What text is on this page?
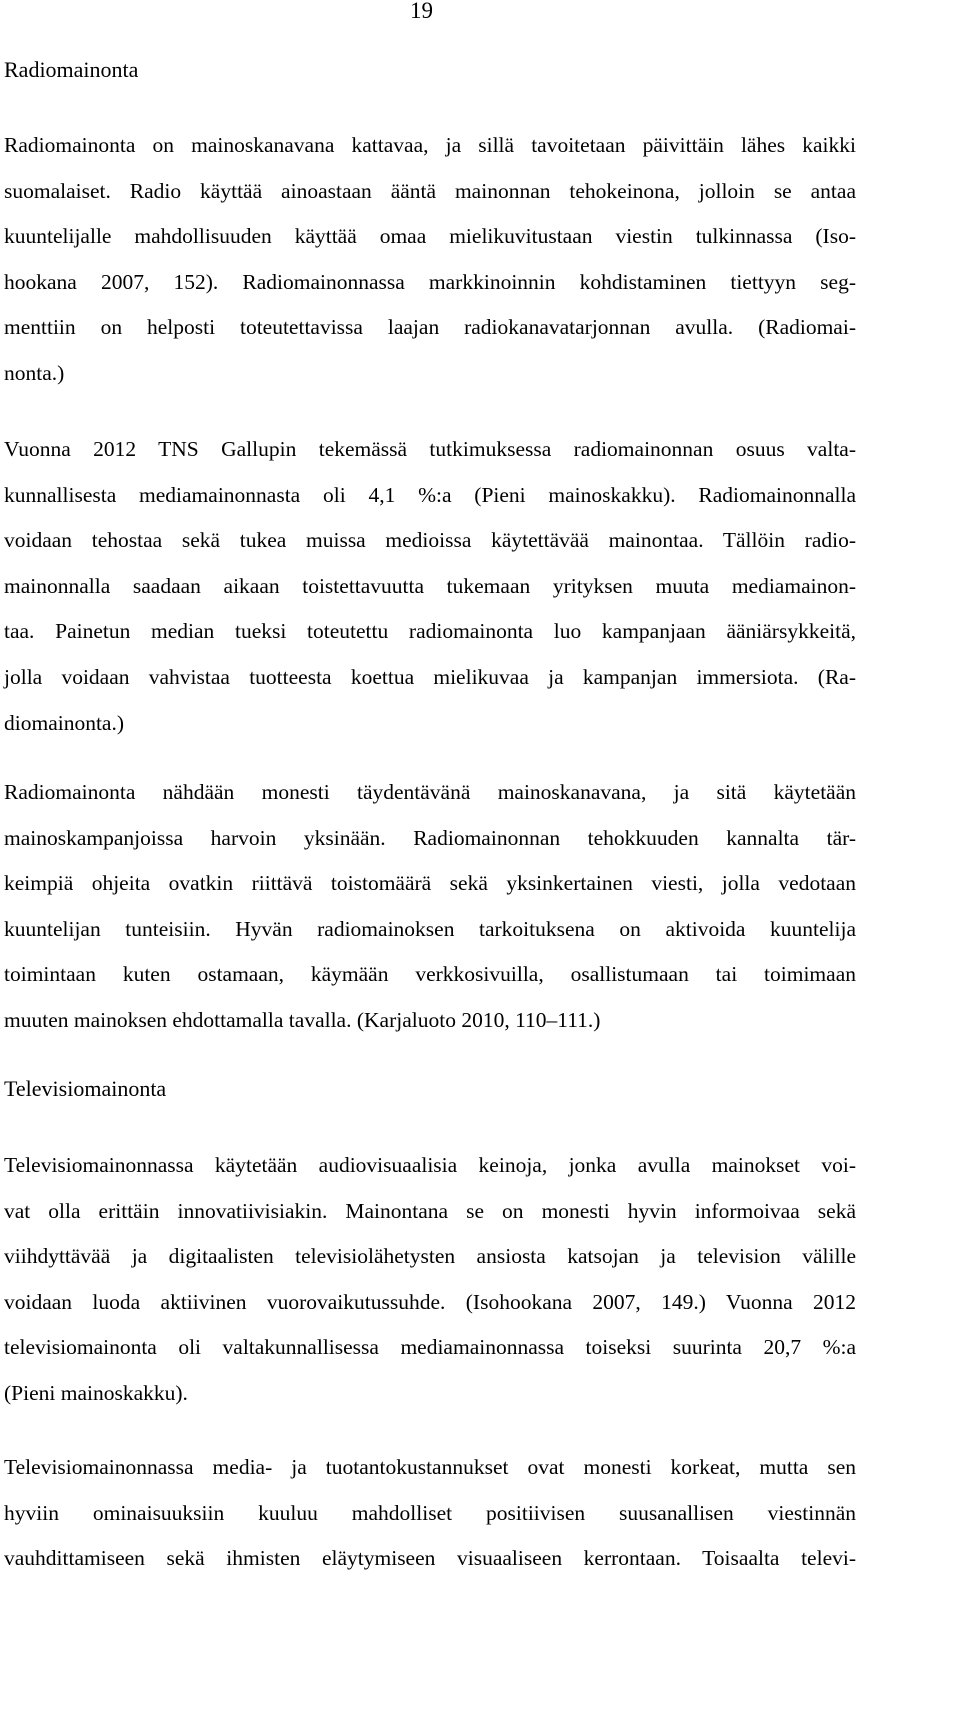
19
Radiomainonta
Radiomainonta on mainoskanavana kattavaa, ja sillä tavoitetaan päivittäin lähes kaikki
suomalaiset. Radio käyttää ainoastaan ääntä mainonnan tehokeinona, jolloin se antaa
kuuntelijalle mahdollisuuden käyttää omaa mielikuvitustaan viestin tulkinnassa (Iso-
hookana 2007, 152). Radiomainonnassa markkinoinnin kohdistaminen tiettyyn seg-
menttiin on helposti toteutettavissa laajan radiokanavatarjonnan avulla. (Radiomai-
nonta.)
Vuonna 2012 TNS Gallupin tekemässä tutkimuksessa radiomainonnan osuus valta-
kunnallisesta mediamainonnasta oli 4,1 %:a (Pieni mainoskakku). Radiomainonnalla
voidaan tehostaa sekä tukea muissa medioissa käytettävää mainontaa. Tällöin radio-
mainonnalla saadaan aikaan toistettavuutta tukemaan yrityksen muuta mediamainon-
taa. Painetun median tueksi toteutettu radiomainonta luo kampanjaan ääniärsykkeitä,
jolla voidaan vahvistaa tuotteesta koettua mielikuvaa ja kampanjan immersiota. (Ra-
diomainonta.)
Radiomainonta nähdään monesti täydentävänä mainoskanavana, ja sitä käytetään
mainoskampanjoissa harvoin yksinään. Radiomainonnan tehokkuuden kannalta tär-
keimpiä ohjeita ovatkin riittävä toistomäärä sekä yksinkertainen viesti, jolla vedotaan
kuuntelijan tunteisiin. Hyvän radiomainoksen tarkoituksena on aktivoida kuuntelija
toimintaan kuten ostamaan, käymään verkkosivuilla, osallistumaan tai toimimaan
muuten mainoksen ehdottamalla tavalla. (Karjaluoto 2010, 110–111.)
Televisiomainonta
Televisiomainonnassa käytetään audiovisuaalisia keinoja, jonka avulla mainokset voi-
vat olla erittäin innovatiivisiakin. Mainontana se on monesti hyvin informoivaa sekä
viihdyttävää ja digitaalisten televisiolähetysten ansiosta katsojan ja television välille
voidaan luoda aktiivinen vuorovaikutussuhde. (Isohookana 2007, 149.) Vuonna 2012
televisiomainonta oli valtakunnallisessa mediamainonnassa toiseksi suurinta 20,7 %:a
(Pieni mainoskakku).
Televisiomainonnassa media- ja tuotantokustannukset ovat monesti korkeat, mutta sen
hyviin ominaisuuksiin kuuluu mahdolliset positiivisen suusanallisen viestinnän
vauhdittamiseen sekä ihmisten eläytymiseen visuaaliseen kerrontaan. Toisaalta televi-
